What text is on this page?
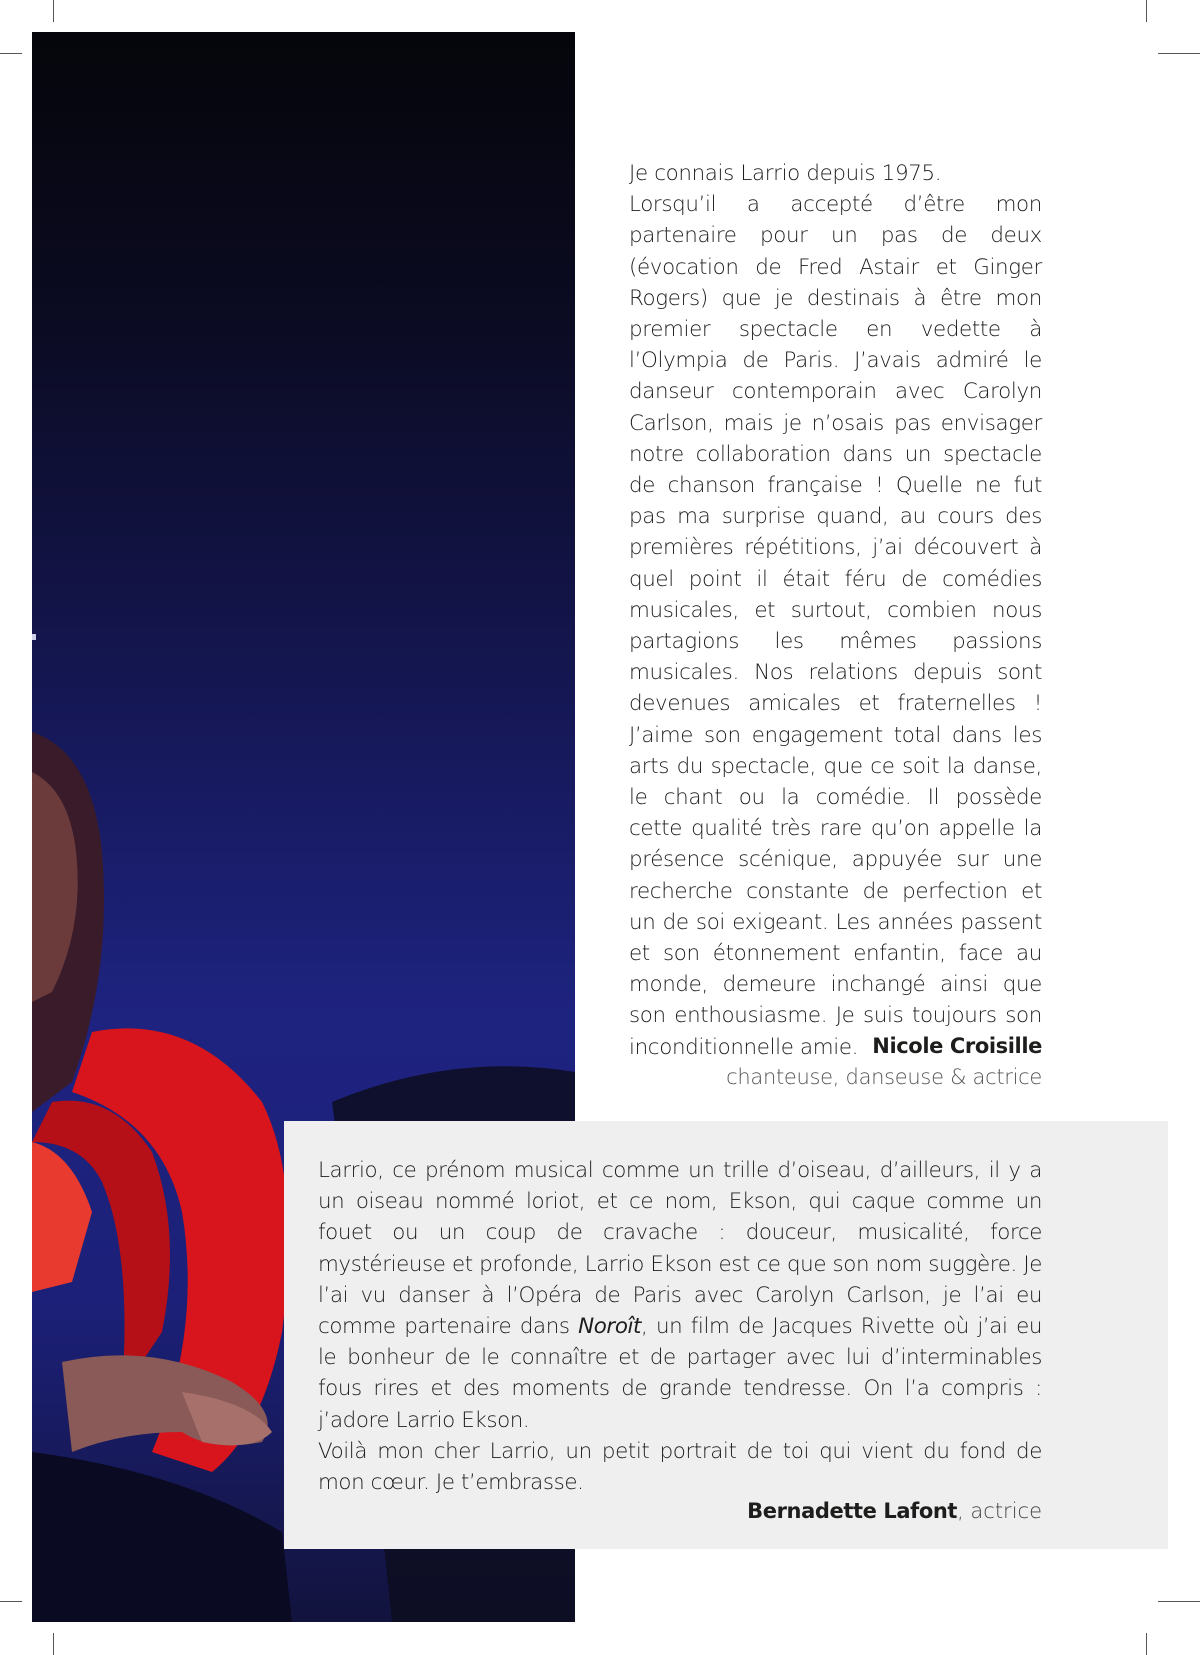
Je connais Larrio depuis 1975.

Lorsqu’il a accepté d’être mon partenaire pour un pas de deux (évocation de Fred Astair et Ginger Rogers) que je destinais à être mon premier spectacle en vedette à l’Olympia de Paris. J’avais admiré le danseur contemporain avec Carolyn Carlson, mais je n’osais pas envisager notre collaboration dans un spectacle de chanson française ! Quelle ne fut pas ma surprise quand, au cours des premières répétitions, j’ai découvert à quel point il était féru de comédies musicales, et surtout, combien nous partagions les mêmes passions musicales. Nos relations depuis sont devenues amicales et fraternelles ! J’aime son engagement total dans les arts du spectacle, que ce soit la danse, le chant ou la comédie. Il possède cette qualité très rare qu’on appelle la présence scénique, appuyée sur une recherche constante de perfection et un de soi exigeant. Les années passent et son étonnement enfantin, face au monde, demeure inchangé ainsi que son enthousiasme. Je suis toujours son inconditionnelle amie. Nicole Croisille
chanteuse, danseuse & actrice

Larrio, ce prénom musical comme un trille d’oiseau, d’ailleurs, il y a un oiseau nommé loriot, et ce nom, Ekson, qui caque comme un fouet ou un coup de cravache : douceur, musicalité, force mystérieuse et profonde, Larrio Ekson est ce que son nom suggère. Je l’ai vu danser à l’Opéra de Paris avec Carolyn Carlson, je l’ai eu comme partenaire dans Noroît, un film de Jacques Rivette où j’ai eu le bonheur de le connaître et de partager avec lui d’interminables fous rires et des moments de grande tendresse. On l’a compris : j’adore Larrio Ekson.

Voilà mon cher Larrio, un petit portrait de toi qui vient du fond de mon cœur. Je t’embrasse.

Bernadette Lafont, actrice
